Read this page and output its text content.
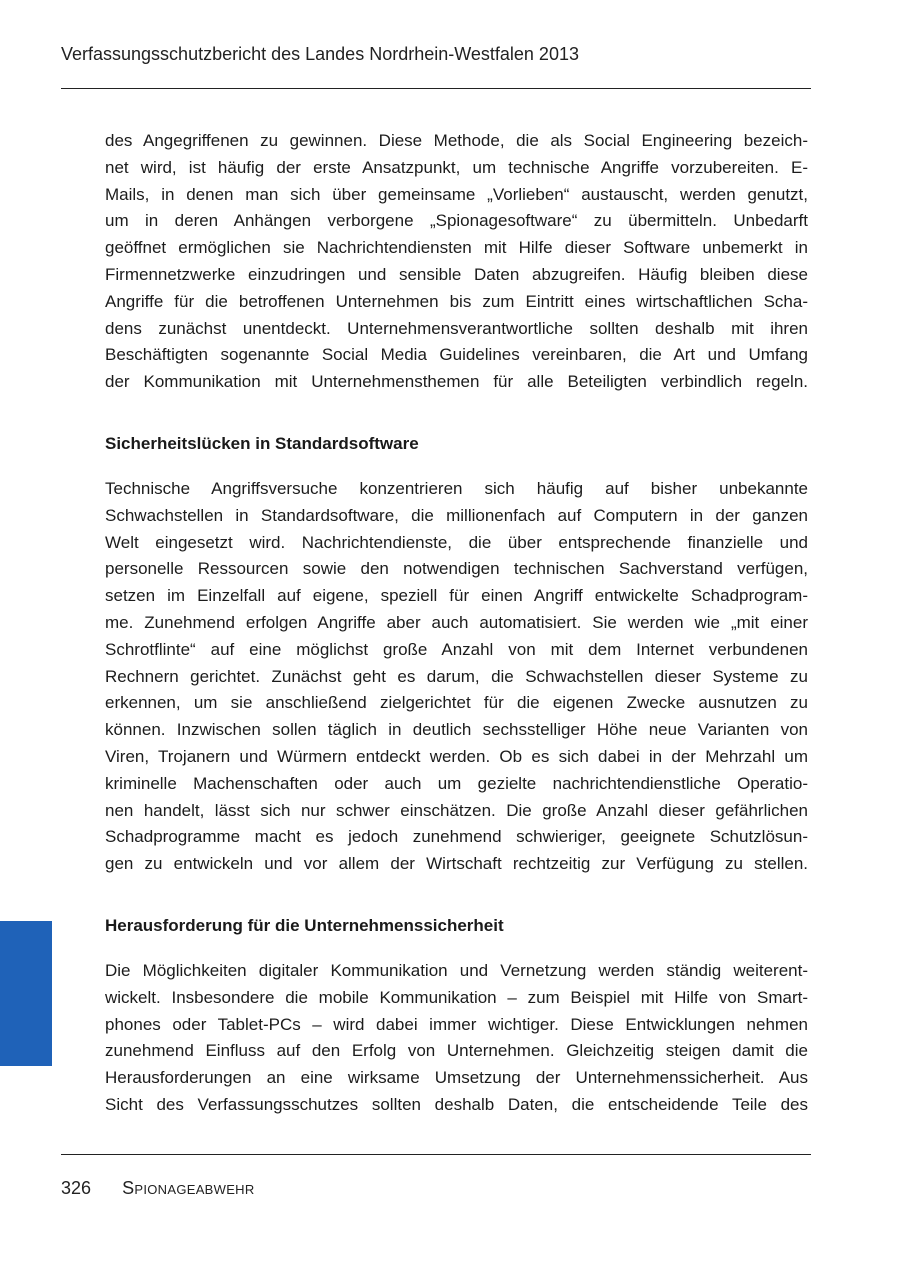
Verfassungsschutzbericht des Landes Nordrhein-Westfalen 2013
des Angegriffenen zu gewinnen. Diese Methode, die als Social Engineering bezeich-
net wird, ist häufig der erste Ansatzpunkt, um technische Angriffe vorzubereiten. E-
Mails, in denen man sich über gemeinsame „Vorlieben“ austauscht, werden genutzt,
um in deren Anhängen verborgene „Spionagesoftware“ zu übermitteln. Unbedarft
geöffnet ermöglichen sie Nachrichtendiensten mit Hilfe dieser Software unbemerkt in
Firmennetzwerke einzudringen und sensible Daten abzugreifen. Häufig bleiben diese
Angriffe für die betroffenen Unternehmen bis zum Eintritt eines wirtschaftlichen Scha-
dens zunächst unentdeckt. Unternehmensverantwortliche sollten deshalb mit ihren
Beschäftigten sogenannte Social Media Guidelines vereinbaren, die Art und Umfang
der Kommunikation mit Unternehmensthemen für alle Beteiligten verbindlich regeln.
Sicherheitslücken in Standardsoftware
Technische Angriffsversuche konzentrieren sich häufig auf bisher unbekannte
Schwachstellen in Standardsoftware, die millionenfach auf Computern in der ganzen
Welt eingesetzt wird. Nachrichtendienste, die über entsprechende finanzielle und
personelle Ressourcen sowie den notwendigen technischen Sachverstand verfügen,
setzen im Einzelfall auf eigene, speziell für einen Angriff entwickelte Schadprogram-
me. Zunehmend erfolgen Angriffe aber auch automatisiert. Sie werden wie „mit einer
Schrotflinte“ auf eine möglichst große Anzahl von mit dem Internet verbundenen
Rechnern gerichtet. Zunächst geht es darum, die Schwachstellen dieser Systeme zu
erkennen, um sie anschließend zielgerichtet für die eigenen Zwecke ausnutzen zu
können. Inzwischen sollen täglich in deutlich sechsstelliger Höhe neue Varianten von
Viren, Trojanern und Würmern entdeckt werden. Ob es sich dabei in der Mehrzahl um
kriminelle Machenschaften oder auch um gezielte nachrichtendienstliche Operatio-
nen handelt, lässt sich nur schwer einschätzen. Die große Anzahl dieser gefährlichen
Schadprogramme macht es jedoch zunehmend schwieriger, geeignete Schutzlösun-
gen zu entwickeln und vor allem der Wirtschaft rechtzeitig zur Verfügung zu stellen.
Herausforderung für die Unternehmenssicherheit
Die Möglichkeiten digitaler Kommunikation und Vernetzung werden ständig weiterent-
wickelt. Insbesondere die mobile Kommunikation – zum Beispiel mit Hilfe von Smart-
phones oder Tablet-PCs – wird dabei immer wichtiger. Diese Entwicklungen nehmen
zunehmend Einfluss auf den Erfolg von Unternehmen. Gleichzeitig steigen damit die
Herausforderungen an eine wirksame Umsetzung der Unternehmenssicherheit. Aus
Sicht des Verfassungsschutzes sollten deshalb Daten, die entscheidende Teile des
326 Spionageabwehr
